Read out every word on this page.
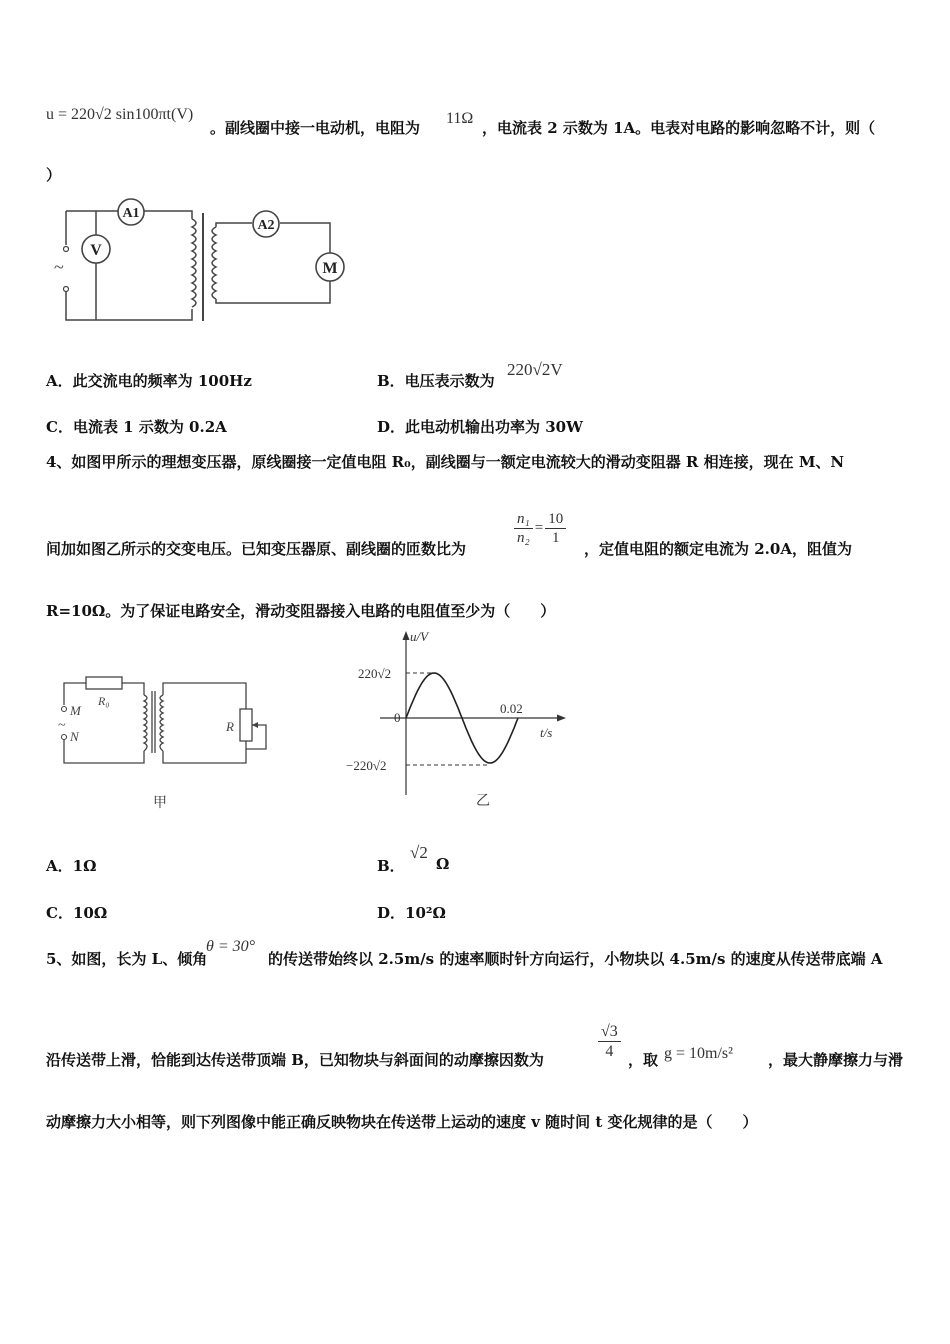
u = 220√2 sin100πt(V)
。副线圈中接一电动机，电阻为
11Ω
，电流表 2 示数为 1A。电表对电路的影响忽略不计，则（
）
~
A1
V
A2
M
A．此交流电的频率为 100Hz	B．电压表示数为
220√2V
C．电流表 1 示数为 0.2A	D．此电动机输出功率为 30W
4、如图甲所示的理想变压器，原线圈接一定值电阻 R₀，副线圈与一额定电流较大的滑动变阻器 R 相连接，现在 M、N
间加如图乙所示的交变电压。已知变压器原、副线圈的匝数比为
$\frac{\text{n₁}}{\text{n₂}} = \frac{10}{1}$
，定值电阻的额定电流为 2.0A，阻值为
R=10Ω。为了保证电路安全，滑动变阻器接入电路的电阻值至少为（　　）
R₀
M
~
N
R
甲
u/V
t/s
0
220√2
−220√2
0.02
乙
A．1Ω	B．
√2
Ω
C．10Ω	D．10²Ω
5、如图，长为 L、倾角
θ = 30°
的传送带始终以 2.5m/s 的速率顺时针方向运行，小物块以 4.5m/s 的速度从传送带底端 A
沿传送带上滑，恰能到达传送带顶端 B，已知物块与斜面间的动摩擦因数为	$\frac{√3}{4}$ ，取 g = 10m/s² ，最大静摩擦力与滑
动摩擦力大小相等，则下列图像中能正确反映物块在传送带上运动的速度 v 随时间 t 变化规律的是（　　）
